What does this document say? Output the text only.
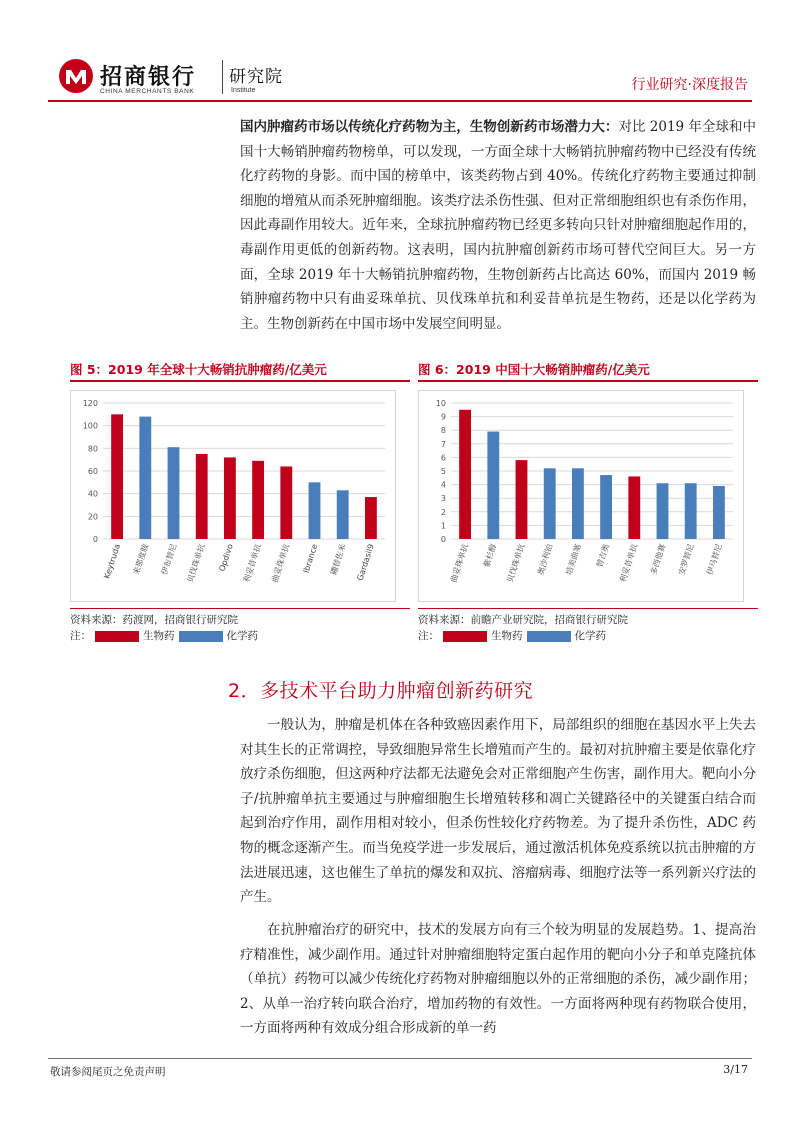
招商银行
CHINA MERCHANTS BANK
研究院
Institute	行业研究·深度报告

国内肿瘤药市场以传统化疗药物为主，生物创新药市场潜力大：对比 2019 年全球和中国十大畅销肿瘤药物榜单，可以发现，一方面全球十大畅销抗肿瘤药物中已经没有传统化疗药物的身影。而中国的榜单中，该类药物占到 40%。传统化疗药物主要通过抑制细胞的增殖从而杀死肿瘤细胞。该类疗法杀伤性强、但对正常细胞组织也有杀伤作用，因此毒副作用较大。近年来，全球抗肿瘤药物已经更多转向只针对肿瘤细胞起作用的，毒副作用更低的创新药物。这表明，国内抗肿瘤创新药市场可替代空间巨大。另一方面，全球 2019 年十大畅销抗肿瘤药物，生物创新药占比高达 60%，而国内 2019 畅销肿瘤药物中只有曲妥珠单抗、贝伐珠单抗和利妥昔单抗是生物药，还是以化学药为主。生物创新药在中国市场中发展空间明显。

图 5：2019 年全球十大畅销抗肿瘤药/亿美元
0
20
40
60
80
100
120
Keytruda 来那度胺 伊布替尼 贝伐珠单抗 Opdivo 利妥昔单抗 曲妥珠单抗 Ibrance 硼替佐米 Gardasil9
资料来源：药渡网，招商银行研究院
注：	生物药	化学药
图 6：2019 中国十大畅销肿瘤药/亿美元
0
1
2
3
4
5
6
7
8
9
10
曲妥珠单抗 紫杉醇 贝伐珠单抗 奥沙利铂 培美曲塞 替吉奥 利妥昔单抗 多西他赛 安罗替尼 伊马替尼
资料来源：前瞻产业研究院，招商银行研究院
注：	生物药	化学药
2．多技术平台助力肿瘤创新药研究

一般认为，肿瘤是机体在各种致癌因素作用下，局部组织的细胞在基因水平上失去对其生长的正常调控，导致细胞异常生长增殖而产生的。最初对抗肿瘤主要是依靠化疗放疗杀伤细胞，但这两种疗法都无法避免会对正常细胞产生伤害，副作用大。靶向小分子/抗肿瘤单抗主要通过与肿瘤细胞生长增殖转移和凋亡关键路径中的关键蛋白结合而起到治疗作用，副作用相对较小，但杀伤性较化疗药物差。为了提升杀伤性，ADC 药物的概念逐渐产生。而当免疫学进一步发展后，通过激活机体免疫系统以抗击肿瘤的方法进展迅速，这也催生了单抗的爆发和双抗、溶瘤病毒、细胞疗法等一系列新兴疗法的产生。

在抗肿瘤治疗的研究中，技术的发展方向有三个较为明显的发展趋势。1、提高治疗精准性，减少副作用。通过针对肿瘤细胞特定蛋白起作用的靶向小分子和单克隆抗体（单抗）药物可以减少传统化疗药物对肿瘤细胞以外的正常细胞的杀伤，减少副作用；2、从单一治疗转向联合治疗，增加药物的有效性。一方面将两种现有药物联合使用，一方面将两种有效成分组合形成新的单一药

敬请参阅尾页之免责声明	3/17
